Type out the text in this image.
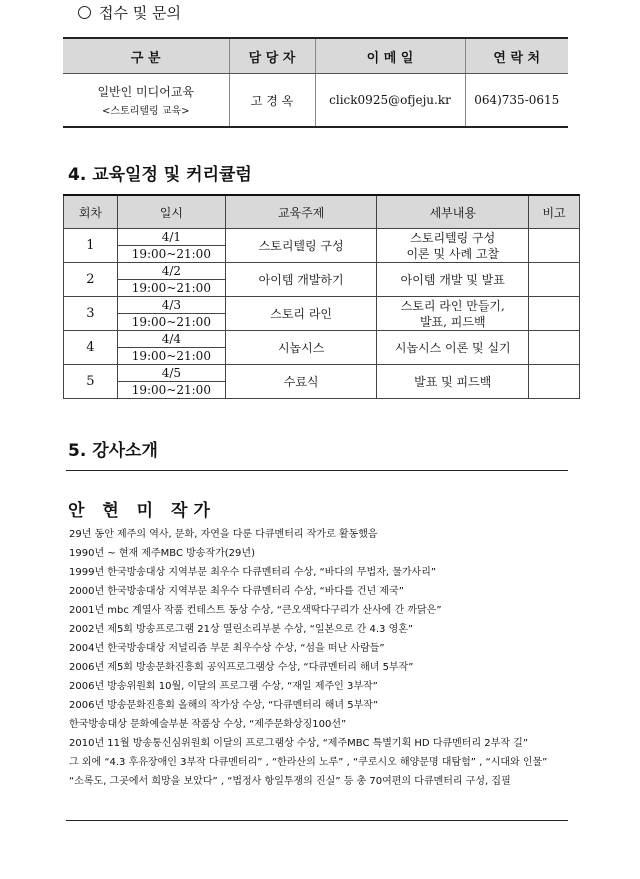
접수 및 문의
구 분	담 당 자	이 메 일	연 락 처
일반인 미디어교육
<스토리텔링 교육>	고 경 옥	click0925@ofjeju.kr	064)735-0615
4. 교육일정 및 커리큘럼
회차	일시	교육주제	세부내용	비고
1	4/1	스토리텔링 구성	스토리텔링 구성
이론 및 사례 고찰	

	19:00~21:00			
2	4/2	아이템 개발하기	아이템 개발 및 발표	

	19:00~21:00			
3	4/3	스토리 라인	스토리 라인 만들기,
발표, 피드백	

	19:00~21:00			
4	4/4	시놉시스	시놉시스 이론 및 실기	

	19:00~21:00			
5	4/5	수료식	발표 및 피드백	

	19:00~21:00			
5. 강사소개
안 현 미 작가
29년 동안 제주의 역사, 문화, 자연을 다룬 다큐멘터리 작가로 활동했음
1990년 ~ 현재 제주MBC 방송작가(29년)
1999년 한국방송대상 지역부문 최우수 다큐멘터리 수상, “바다의 무법자, 물가사리”
2000년 한국방송대상 지역부문 최우수 다큐멘터리 수상, “바다를 건넌 제국”
2001년 mbc 계열사 작품 컨테스트 동상 수상, “큰오색딱다구리가 산사에 간 까닭은”
2002년 제5회 방송프로그램 21상 열린소리부분 수상, “일본으로 간 4.3 영혼”
2004년 한국방송대상 저널리즘 부문 최우수상 수상, “섬을 떠난 사람들”
2006년 제5회 방송문화진흥회 공익프로그램상 수상, “다큐멘터리 해녀 5부작”
2006년 방송위원회 10월, 이달의 프로그램 수상, “재일 제주인 3부작”
2006년 방송문화진흥회 올해의 작가상 수상, “다큐멘터리 해녀 5부작”
한국방송대상 문화예술부분 작품상 수상, “제주문화상징100선”
2010년 11월 방송통신심위원회 이달의 프로그램상 수상, “제주MBC 특별기획 HD 다큐멘터리 2부작 길”
그 외에 “4.3 후유장애인 3부작 다큐멘터리” , “한라산의 노루” , “쿠로시오 해양문명 대탐험” , “시대와 인물”
“소록도, 그곳에서 희망을 보았다” , “법정사 항일투쟁의 진실” 등 총 70여편의 다큐멘터리 구성, 집필
